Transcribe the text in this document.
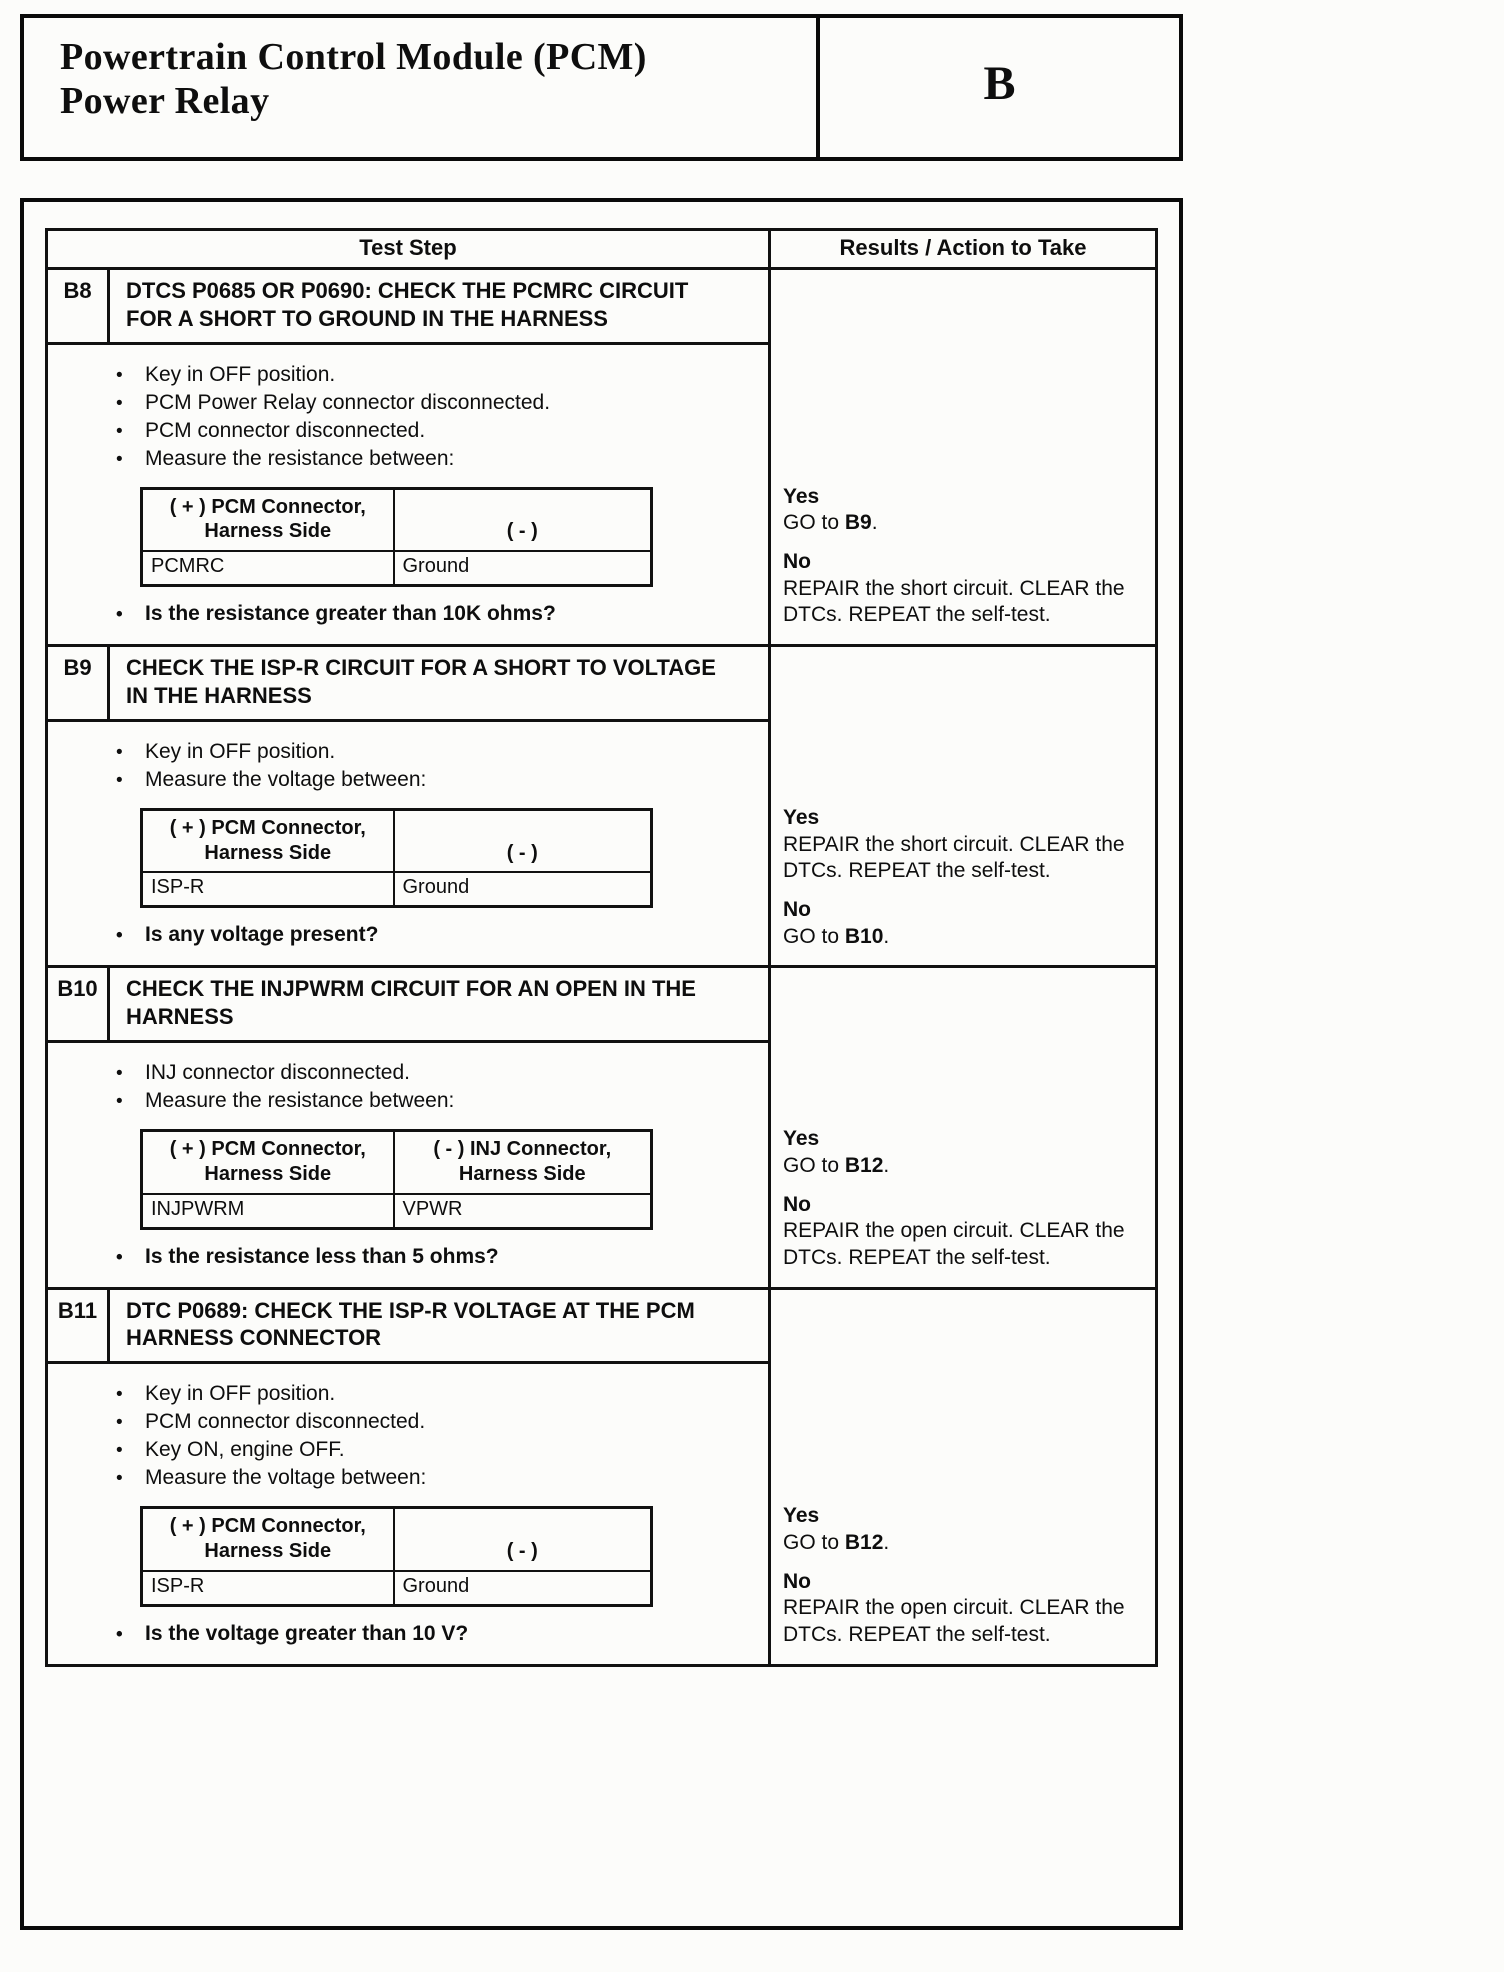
Powertrain Control Module (PCM)
Power Relay	B
Test Step	Results / Action to Take
B8	DTCS P0685 OR P0690: CHECK THE PCMRC CIRCUIT FOR A SHORT TO GROUND IN THE HARNESS
•
Key in OFF position.
•
PCM Power Relay connector disconnected.
•
PCM connector disconnected.
•
Measure the resistance between:
( + ) PCM Connector, Harness Side	( - )
PCMRC	Ground
•
Is the resistance greater than 10K ohms?
Yes
GO to B9.
No
REPAIR the short circuit. CLEAR the DTCs. REPEAT the self-test.
B9	CHECK THE ISP-R CIRCUIT FOR A SHORT TO VOLTAGE IN THE HARNESS
•
Key in OFF position.
•
Measure the voltage between:
( + ) PCM Connector, Harness Side	( - )
ISP-R	Ground
•
Is any voltage present?
Yes
REPAIR the short circuit. CLEAR the DTCs. REPEAT the self-test.
No
GO to B10.
B10	CHECK THE INJPWRM CIRCUIT FOR AN OPEN IN THE HARNESS
•
INJ connector disconnected.
•
Measure the resistance between:
( + ) PCM Connector, Harness Side	( - ) INJ Connector, Harness Side
INJPWRM	VPWR
•
Is the resistance less than 5 ohms?
Yes
GO to B12.
No
REPAIR the open circuit. CLEAR the DTCs. REPEAT the self-test.
B11	DTC P0689: CHECK THE ISP-R VOLTAGE AT THE PCM HARNESS CONNECTOR
•
Key in OFF position.
•
PCM connector disconnected.
•
Key ON, engine OFF.
•
Measure the voltage between:
( + ) PCM Connector, Harness Side	( - )
ISP-R	Ground
•
Is the voltage greater than 10 V?
Yes
GO to B12.
No
REPAIR the open circuit. CLEAR the DTCs. REPEAT the self-test.
